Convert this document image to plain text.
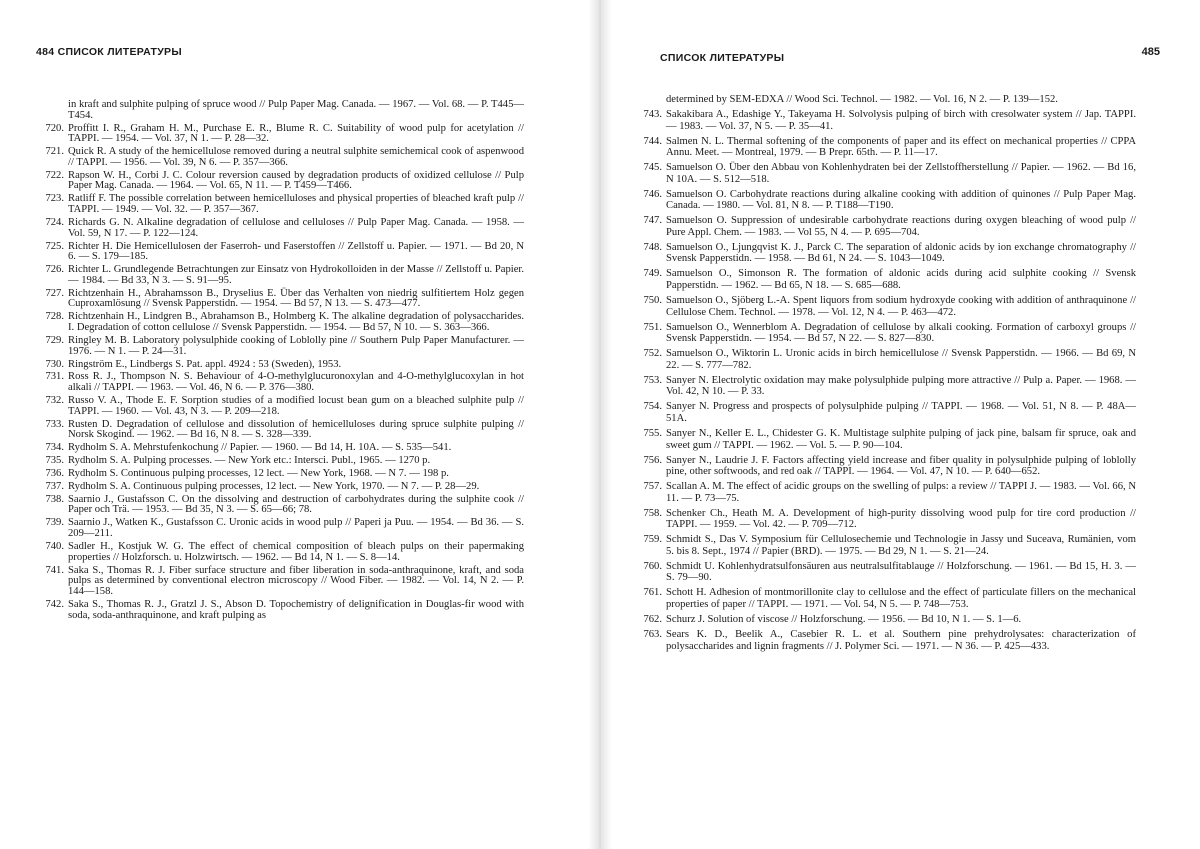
484 СПИСОК ЛИТЕРАТУРЫ
in kraft and sulphite pulping of spruce wood // Pulp Paper Mag. Canada. — 1967. — Vol. 68. — P. T445—T454.
720. Proffitt I. R., Graham H. M., Purchase E. R., Blume R. C. Suitability of wood pulp for acetylation // TAPPI. — 1954. — Vol. 37, N 1. — P. 28—32.
721. Quick R. A study of the hemicellulose removed during a neutral sulphite semichemical cook of aspenwood // TAPPI. — 1956. — Vol. 39, N 6. — P. 357—366.
722. Rapson W. H., Corbi J. C. Colour reversion caused by degradation products of oxidized cellulose // Pulp Paper Mag. Canada. — 1964. — Vol. 65, N 11. — P. T459—T466.
723. Ratliff F. The possible correlation between hemicelluloses and physical properties of bleached kraft pulp // TAPPI. — 1949. — Vol. 32. — P. 357—367.
724. Richards G. N. Alkaline degradation of cellulose and celluloses // Pulp Paper Mag. Canada. — 1958. — Vol. 59, N 17. — P. 122—124.
725. Richter H. Die Hemicellulosen der Faserroh- und Faserstoffen // Zellstoff u. Papier. — 1971. — Bd 20, N 6. — S. 179—185.
726. Richter L. Grundlegende Betrachtungen zur Einsatz von Hydrokolloiden in der Masse // Zellstoff u. Papier. — 1984. — Bd 33, N 3. — S. 91—95.
727. Richtzenhain H., Abrahamsson B., Dryselius E. Über das Verhalten von niedrig sulfitiertem Holz gegen Cuproxamlösung // Svensk Papperstidn. — 1954. — Bd 57, N 13. — S. 473—477.
728. Richtzenhain H., Lindgren B., Abrahamson B., Holmberg K. The alkaline degradation of polysaccharides. I. Degradation of cotton cellulose // Svensk Papperstidn. — 1954. — Bd 57, N 10. — S. 363—366.
729. Ringley M. B. Laboratory polysulphide cooking of Loblolly pine // Southern Pulp Paper Manufacturer. — 1976. — N 1. — P. 24—31.
730. Ringström E., Lindbergs S. Pat. appl. 4924 : 53 (Sweden), 1953.
731. Ross R. J., Thompson N. S. Behaviour of 4-O-methylglucuronoxylan and 4-O-methylglucoxylan in hot alkali // TAPPI. — 1963. — Vol. 46, N 6. — P. 376—380.
732. Russo V. A., Thode E. F. Sorption studies of a modified locust bean gum on a bleached sulphite pulp // TAPPI. — 1960. — Vol. 43, N 3. — P. 209—218.
733. Rusten D. Degradation of cellulose and dissolution of hemicelluloses during spruce sulphite pulping // Norsk Skogind. — 1962. — Bd 16, N 8. — S. 328—339.
734. Rydholm S. A. Mehrstufenkochung // Papier. — 1960. — Bd 14, H. 10A. — S. 535—541.
735. Rydholm S. A. Pulping processes. — New York etc.: Intersci. Publ., 1965. — 1270 p.
736. Rydholm S. Continuous pulping processes, 12 lect. — New York, 1968. — N 7. — 198 p.
737. Rydholm S. A. Continuous pulping processes, 12 lect. — New York, 1970. — N 7. — P. 28—29.
738. Saarnio J., Gustafsson C. On the dissolving and destruction of carbohydrates during the sulphite cook // Paper och Trä. — 1953. — Bd 35, N 3. — S. 65—66; 78.
739. Saarnio J., Watken K., Gustafsson C. Uronic acids in wood pulp // Paperi ja Puu. — 1954. — Bd 36. — S. 209—211.
740. Sadler H., Kostjuk W. G. The effect of chemical composition of bleach pulps on their papermaking properties // Holzforsch. u. Holzwirtsch. — 1962. — Bd 14, N 1. — S. 8—14.
741. Saka S., Thomas R. J. Fiber surface structure and fiber liberation in soda-anthraquinone, kraft, and soda pulps as determined by conventional electron microscopy // Wood Fiber. — 1982. — Vol. 14, N 2. — P. 144—158.
742. Saka S., Thomas R. J., Gratzl J. S., Abson D. Topochemistry of delignification in Douglas-fir wood with soda, soda-anthraquinone, and kraft pulping as
СПИСОК ЛИТЕРАТУРЫ	485
determined by SEM-EDXA // Wood Sci. Technol. — 1982. — Vol. 16, N 2. — P. 139—152.
743. Sakakibara A., Edashige Y., Takeyama H. Solvolysis pulping of birch with cresolwater system // Jap. TAPPI. — 1983. — Vol. 37, N 5. — P. 35—41.
744. Salmen N. L. Thermal softening of the components of paper and its effect on mechanical properties // CPPA Annu. Meet. — Montreal, 1979. — B Prepr. 65th. — P. 11—17.
745. Samuelson O. Über den Abbau von Kohlenhydraten bei der Zellstoffherstellung // Papier. — 1962. — Bd 16, N 10A. — S. 512—518.
746. Samuelson O. Carbohydrate reactions during alkaline cooking with addition of quinones // Pulp Paper Mag. Canada. — 1980. — Vol. 81, N 8. — P. T188—T190.
747. Samuelson O. Suppression of undesirable carbohydrate reactions during oxygen bleaching of wood pulp // Pure Appl. Chem. — 1983. — Vol 55, N 4. — P. 695—704.
748. Samuelson O., Ljungqvist K. J., Parck C. The separation of aldonic acids by ion exchange chromatography // Svensk Papperstidn. — 1958. — Bd 61, N 24. — S. 1043—1049.
749. Samuelson O., Simonson R. The formation of aldonic acids during acid sulphite cooking // Svensk Papperstidn. — 1962. — Bd 65, N 18. — S. 685—688.
750. Samuelson O., Sjöberg L.-A. Spent liquors from sodium hydroxyde cooking with addition of anthraquinone // Cellulose Chem. Technol. — 1978. — Vol. 12, N 4. — P. 463—472.
751. Samuelson O., Wennerblom A. Degradation of cellulose by alkali cooking. Formation of carboxyl groups // Svensk Papperstidn. — 1954. — Bd 57, N 22. — S. 827—830.
752. Samuelson O., Wiktorin L. Uronic acids in birch hemicellulose // Svensk Papperstidn. — 1966. — Bd 69, N 22. — S. 777—782.
753. Sanyer N. Electrolytic oxidation may make polysulphide pulping more attractive // Pulp a. Paper. — 1968. — Vol. 42, N 10. — P. 33.
754. Sanyer N. Progress and prospects of polysulphide pulping // TAPPI. — 1968. — Vol. 51, N 8. — P. 48A—51A.
755. Sanyer N., Keller E. L., Chidester G. K. Multistage sulphite pulping of jack pine, balsam fir spruce, oak and sweet gum // TAPPI. — 1962. — Vol. 5. — P. 90—104.
756. Sanyer N., Laudrie J. F. Factors affecting yield increase and fiber quality in polysulphide pulping of loblolly pine, other softwoods, and red oak // TAPPI. — 1964. — Vol. 47, N 10. — P. 640—652.
757. Scallan A. M. The effect of acidic groups on the swelling of pulps: a review // TAPPI J. — 1983. — Vol. 66, N 11. — P. 73—75.
758. Schenker Ch., Heath M. A. Development of high-purity dissolving wood pulp for tire cord production // TAPPI. — 1959. — Vol. 42. — P. 709—712.
759. Schmidt S., Das V. Symposium für Cellulosechemie und Technologie in Jassy und Suceava, Rumänien, vom 5. bis 8. Sept., 1974 // Papier (BRD). — 1975. — Bd 29, N 1. — S. 21—24.
760. Schmidt U. Kohlenhydratsulfonsäuren aus neutralsulfitablauge // Holzforschung. — 1961. — Bd 15, H. 3. — S. 79—90.
761. Schott H. Adhesion of montmorillonite clay to cellulose and the effect of particulate fillers on the mechanical properties of paper // TAPPI. — 1971. — Vol. 54, N 5. — P. 748—753.
762. Schurz J. Solution of viscose // Holzforschung. — 1956. — Bd 10, N 1. — S. 1—6.
763. Sears K. D., Beelik A., Casebier R. L. et al. Southern pine prehydrolysates: characterization of polysaccharides and lignin fragments // J. Polymer Sci. — 1971. — N 36. — P. 425—433.
